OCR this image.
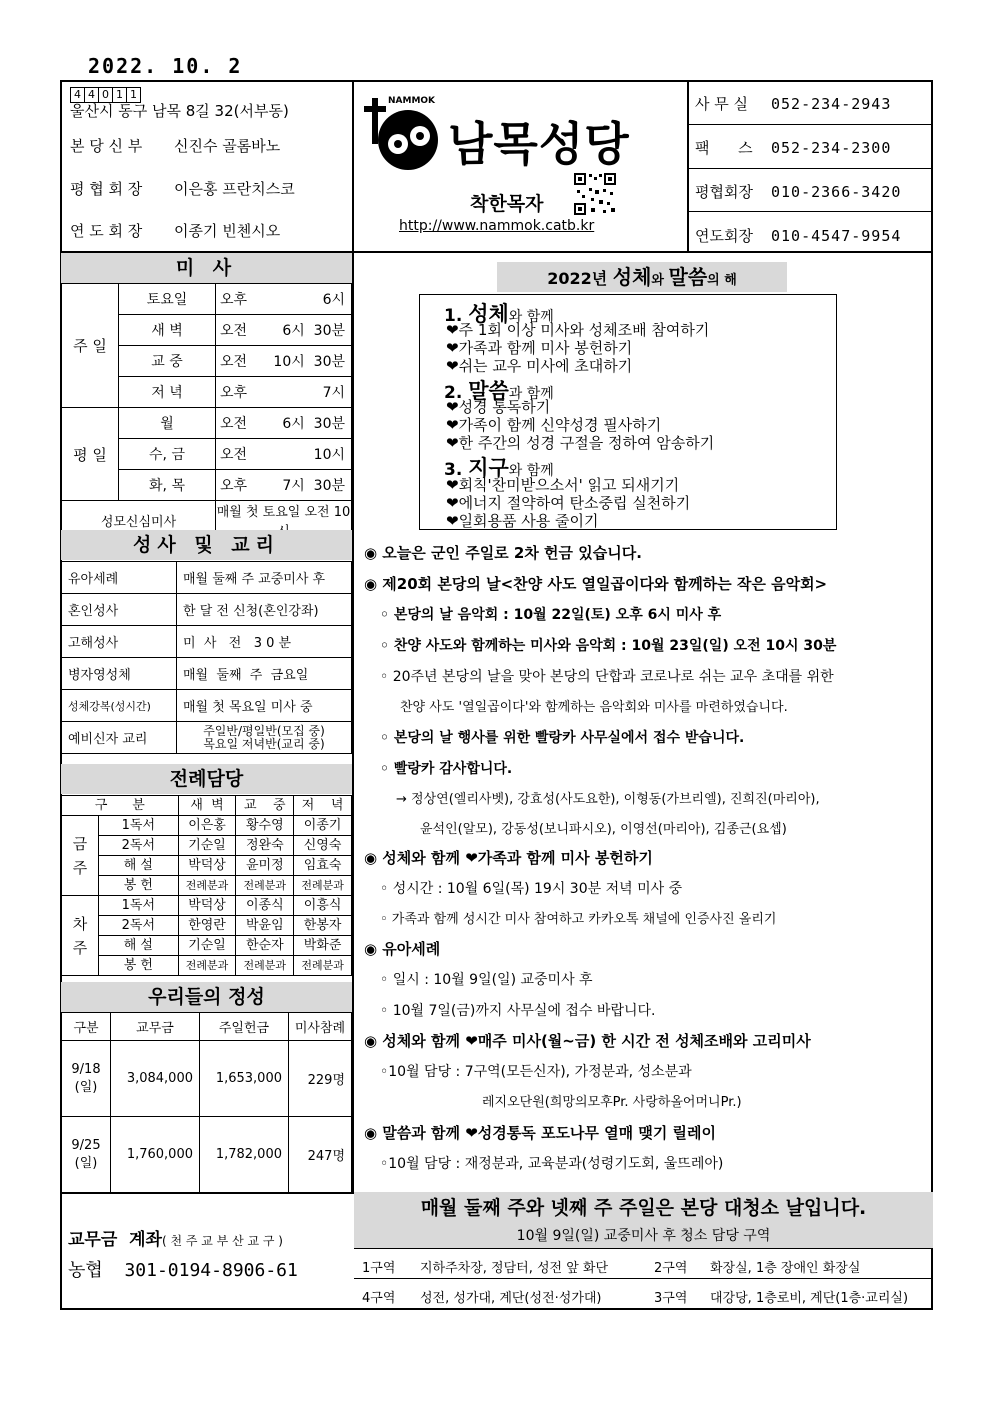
2022. 10. 2
4 4 0 1 1
울산시 동구 남목 8길 32(서부동)
본 당 신 부 신진수 골롬바노
평 협 회 장 이은홍 프란치스코
연 도 회 장 이종기 빈첸시오
NAMMOK
남목성당
착한목자
http://www.nammok.catb.kr
사 무 실 052-234-2943
팩      스 052-234-2300
평협회장 010-2366-3420
연도회장 010-4547-9954
미 사
주 일	토요일	오후	6시
	새 벽	오전	6시  30분
	교 중	오전	10시  30분
	저 녁	오후	7시
평 일	월	오전	6시  30분
	수, 금	오전	10시
	화, 목	오후	7시  30분
성모신심미사		매월 첫 토요일 오전 10	
성사 및 교리
유아세례	매월 둘째 주 교중미사 후
혼인성사	한 달 전 신청(혼인강좌)
고해성사	미  사   전   3 0 분
병자영성체	매월  둘째  주  금요일
성체강복(성시간)	매월 첫 목요일 미사 중
예비신자 교리	주일반/평일반(모집 중)
목요일 저녁반(교리 중)
전례담당
구      분		새  벽	교    중	저    녁

금
주	1독서	이은홍	황수영	이종기
	2독서	기순일	정완숙	신영숙
	해 설	박덕상	윤미정	임효숙
	봉 헌	전례분과	전례분과	전례분과

차
주	1독서	박덕상	이종식	이흥식
	2독서	한영란	박윤임	한봉자
	해 설	기순일	한순자	박화준
	봉 헌	전례분과	전례분과	전례분과
우리들의 정성
구분	교무금	주일헌금	미사참례

9/18
(일)	3,084,000	1,653,000	229명

9/25
(일)	1,760,000	1,782,000	247명
교무금  계좌( 천 주 교 부 산 교 구 )
농협  301-0194-8906-61
2022년 성체와 말씀의 해
1. 성체와 함께
❤주 1회 이상 미사와 성체조배 참여하기
❤가족과 함께 미사 봉헌하기
❤쉬는 교우 미사에 초대하기
2. 말씀과 함께
❤성경 통독하기
❤가족이 함께 신약성경 필사하기
❤한 주간의 성경 구절을 정하여 암송하기
3. 지구와 함께
❤회칙'찬미받으소서' 읽고 되새기기
❤에너지 절약하여 탄소중립 실천하기
❤일회용품 사용 줄이기
◉ 오늘은 군인 주일로 2차 헌금 있습니다.
◉ 제20회 본당의 날<찬양 사도 열일곱이다와 함께하는 작은 음악회>
◦ 본당의 날 음악회 : 10월 22일(토) 오후 6시 미사 후
◦ 찬양 사도와 함께하는 미사와 음악회 : 10월 23일(일) 오전 10시 30분
◦ 20주년 본당의 날을 맞아 본당의 단합과 코로나로 쉬는 교우 초대를 위한
찬양 사도 '열일곱이다'와 함께하는 음악회와 미사를 마련하였습니다.
◦ 본당의 날 행사를 위한 빨랑카 사무실에서 접수 받습니다.
◦ 빨랑카 감사합니다.
→ 정상연(엘리사벳), 강효성(사도요한), 이형동(가브리엘), 진희진(마리아),
윤석인(알모), 강동성(보니파시오), 이영선(마리아), 김종근(요셉)
◉ 성체와 함께 ❤가족과 함께 미사 봉헌하기
◦ 성시간 : 10월 6일(목) 19시 30분 저녁 미사 중
◦ 가족과 함께 성시간 미사 참여하고 카카오톡 채널에 인증사진 올리기
◉ 유아세례
◦ 일시 : 10월 9일(일) 교중미사 후
◦ 10월 7일(금)까지 사무실에 접수 바랍니다.
◉ 성체와 함께 ❤매주 미사(월~금) 한 시간 전 성체조배와 고리미사
◦10월 담당 : 7구역(모든신자), 가정분과, 성소분과
레지오단원(희망의모후Pr. 사랑하올어머니Pr.)
◉ 말씀과 함께 ❤성경통독 포도나무 열매 맺기 릴레이
◦10월 담당 : 재정분과, 교육분과(성령기도회, 울뜨레아)
매월 둘째 주와 넷째 주 주일은 본당 대청소 날입니다.
10월 9일(일) 교중미사 후 청소 담당 구역
1구역 지하주차장, 정담터, 성전 앞 화단	2구역 화장실, 1층 장애인 화장실
4구역 성전, 성가대, 계단(성전·성가대)	3구역 대강당, 1층로비, 계단(1층·교리실)
